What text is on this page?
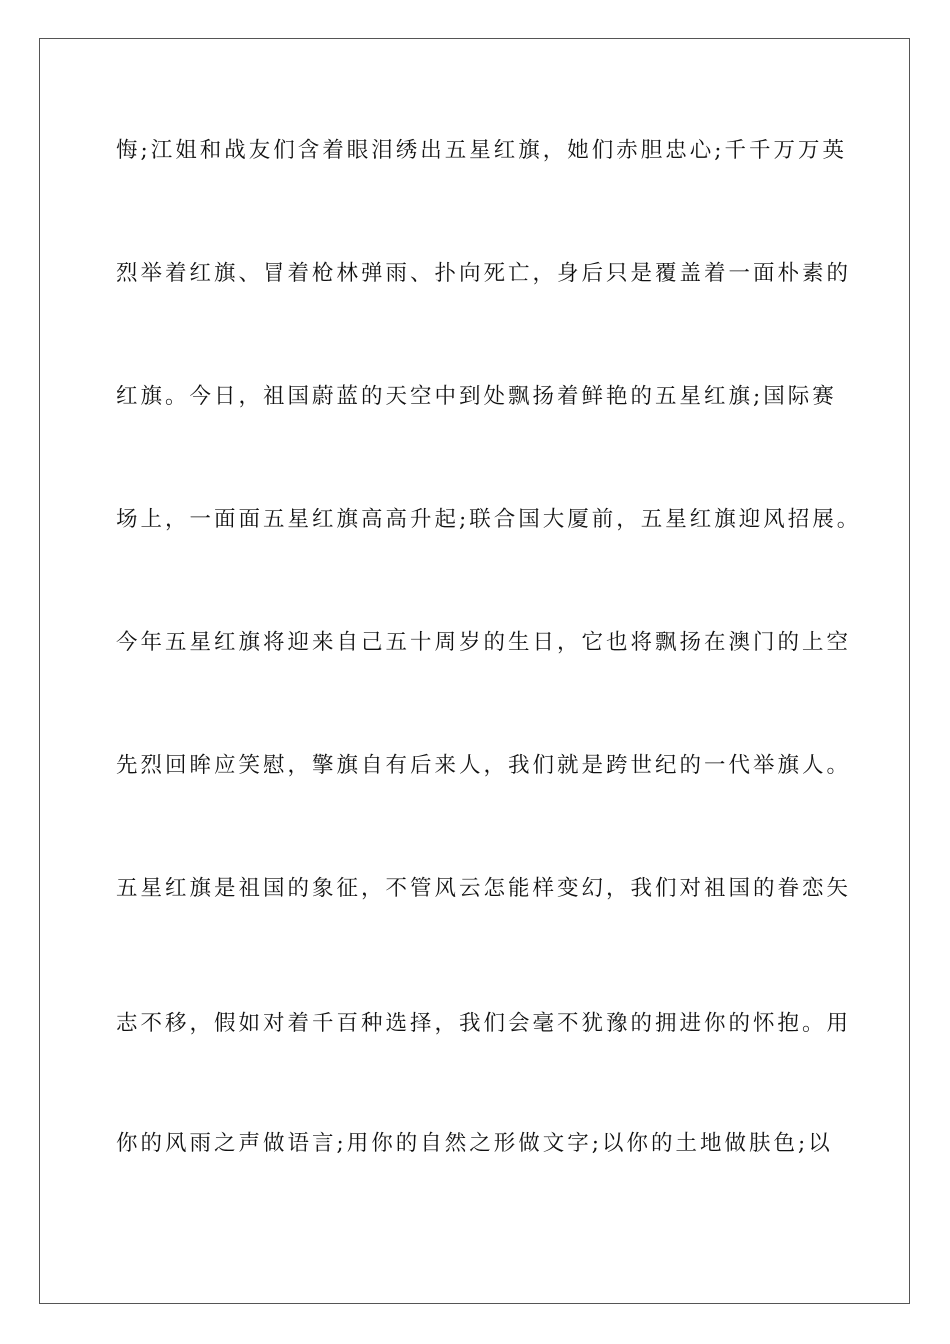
悔;江姐和战友们含着眼泪绣出五星红旗，她们赤胆忠心;千千万万英

烈举着红旗、冒着枪林弹雨、扑向死亡，身后只是覆盖着一面朴素的

红旗。今日，祖国蔚蓝的天空中到处飘扬着鲜艳的五星红旗;国际赛

场上，一面面五星红旗高高升起;联合国大厦前，五星红旗迎风招展。

今年五星红旗将迎来自己五十周岁的生日，它也将飘扬在澳门的上空

先烈回眸应笑慰，擎旗自有后来人，我们就是跨世纪的一代举旗人。

五星红旗是祖国的象征，不管风云怎能样变幻，我们对祖国的眷恋矢

志不移，假如对着千百种选择，我们会毫不犹豫的拥进你的怀抱。用

你的风雨之声做语言;用你的自然之形做文字;以你的土地做肤色;以
